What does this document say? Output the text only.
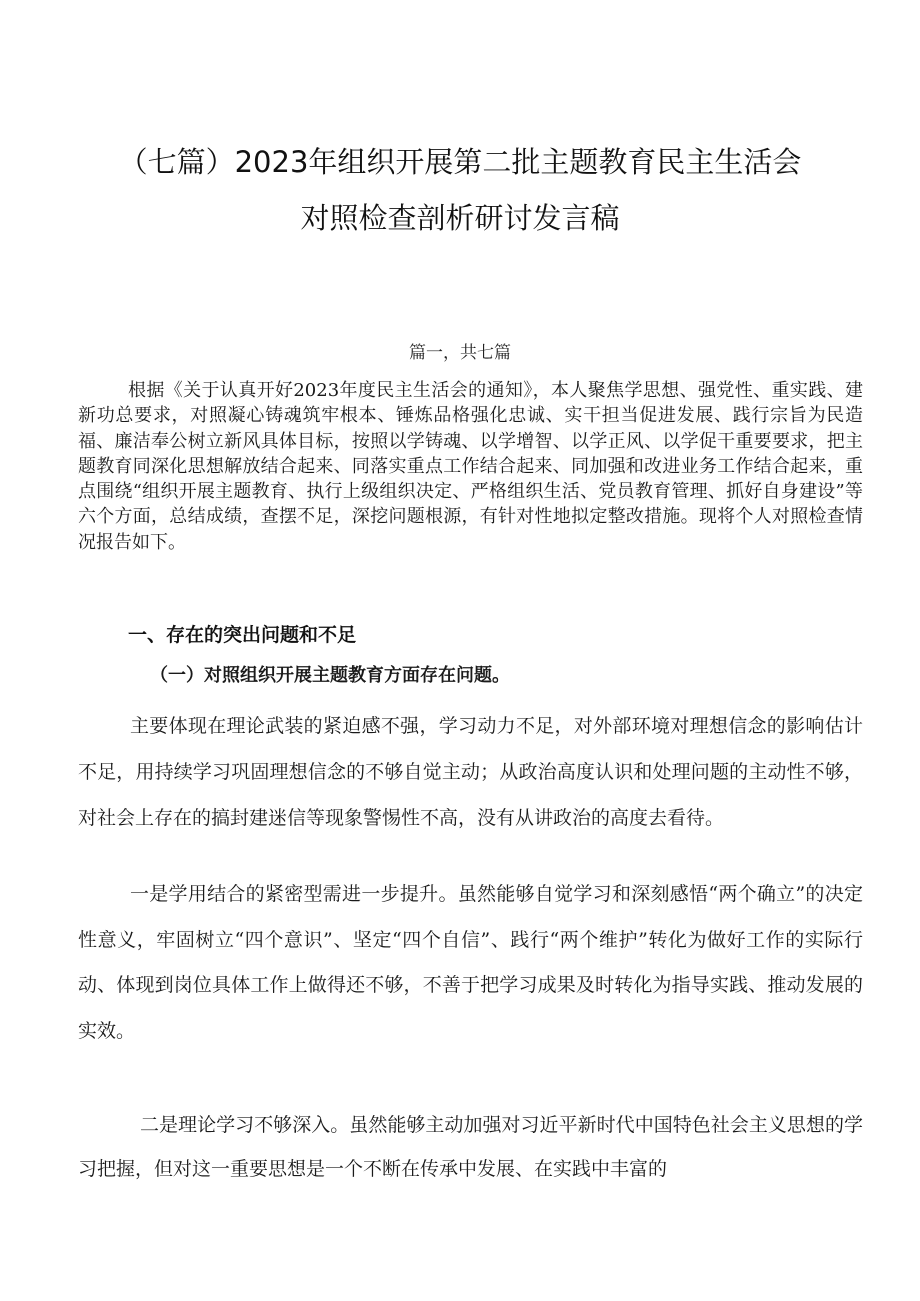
（七篇）2023年组织开展第二批主题教育民主生活会
对照检查剖析研讨发言稿
篇一，共七篇

根据《关于认真开好2023年度民主生活会的通知》，本人聚焦学思想、强党性、重实践、建新功总要求，对照凝心铸魂筑牢根本、锤炼品格强化忠诚、实干担当促进发展、践行宗旨为民造福、廉洁奉公树立新风具体目标，按照以学铸魂、以学增智、以学正风、以学促干重要要求，把主题教育同深化思想解放结合起来、同落实重点工作结合起来、同加强和改进业务工作结合起来，重点围绕“组织开展主题教育、执行上级组织决定、严格组织生活、党员教育管理、抓好自身建设”等六个方面，总结成绩，查摆不足，深挖问题根源，有针对性地拟定整改措施。现将个人对照检查情况报告如下。

一、存在的突出问题和不足
（一）对照组织开展主题教育方面存在问题。

主要体现在理论武装的紧迫感不强，学习动力不足，对外部环境对理想信念的影响估计不足，用持续学习巩固理想信念的不够自觉主动；从政治高度认识和处理问题的主动性不够，对社会上存在的搞封建迷信等现象警惕性不高，没有从讲政治的高度去看待。

一是学用结合的紧密型需进一步提升。虽然能够自觉学习和深刻感悟“两个确立”的决定性意义，牢固树立“四个意识”、坚定“四个自信”、践行“两个维护”转化为做好工作的实际行动、体现到岗位具体工作上做得还不够，不善于把学习成果及时转化为指导实践、推动发展的实效。

二是理论学习不够深入。虽然能够主动加强对习近平新时代中国特色社会主义思想的学习把握，但对这一重要思想是一个不断在传承中发展、在实践中丰富的
